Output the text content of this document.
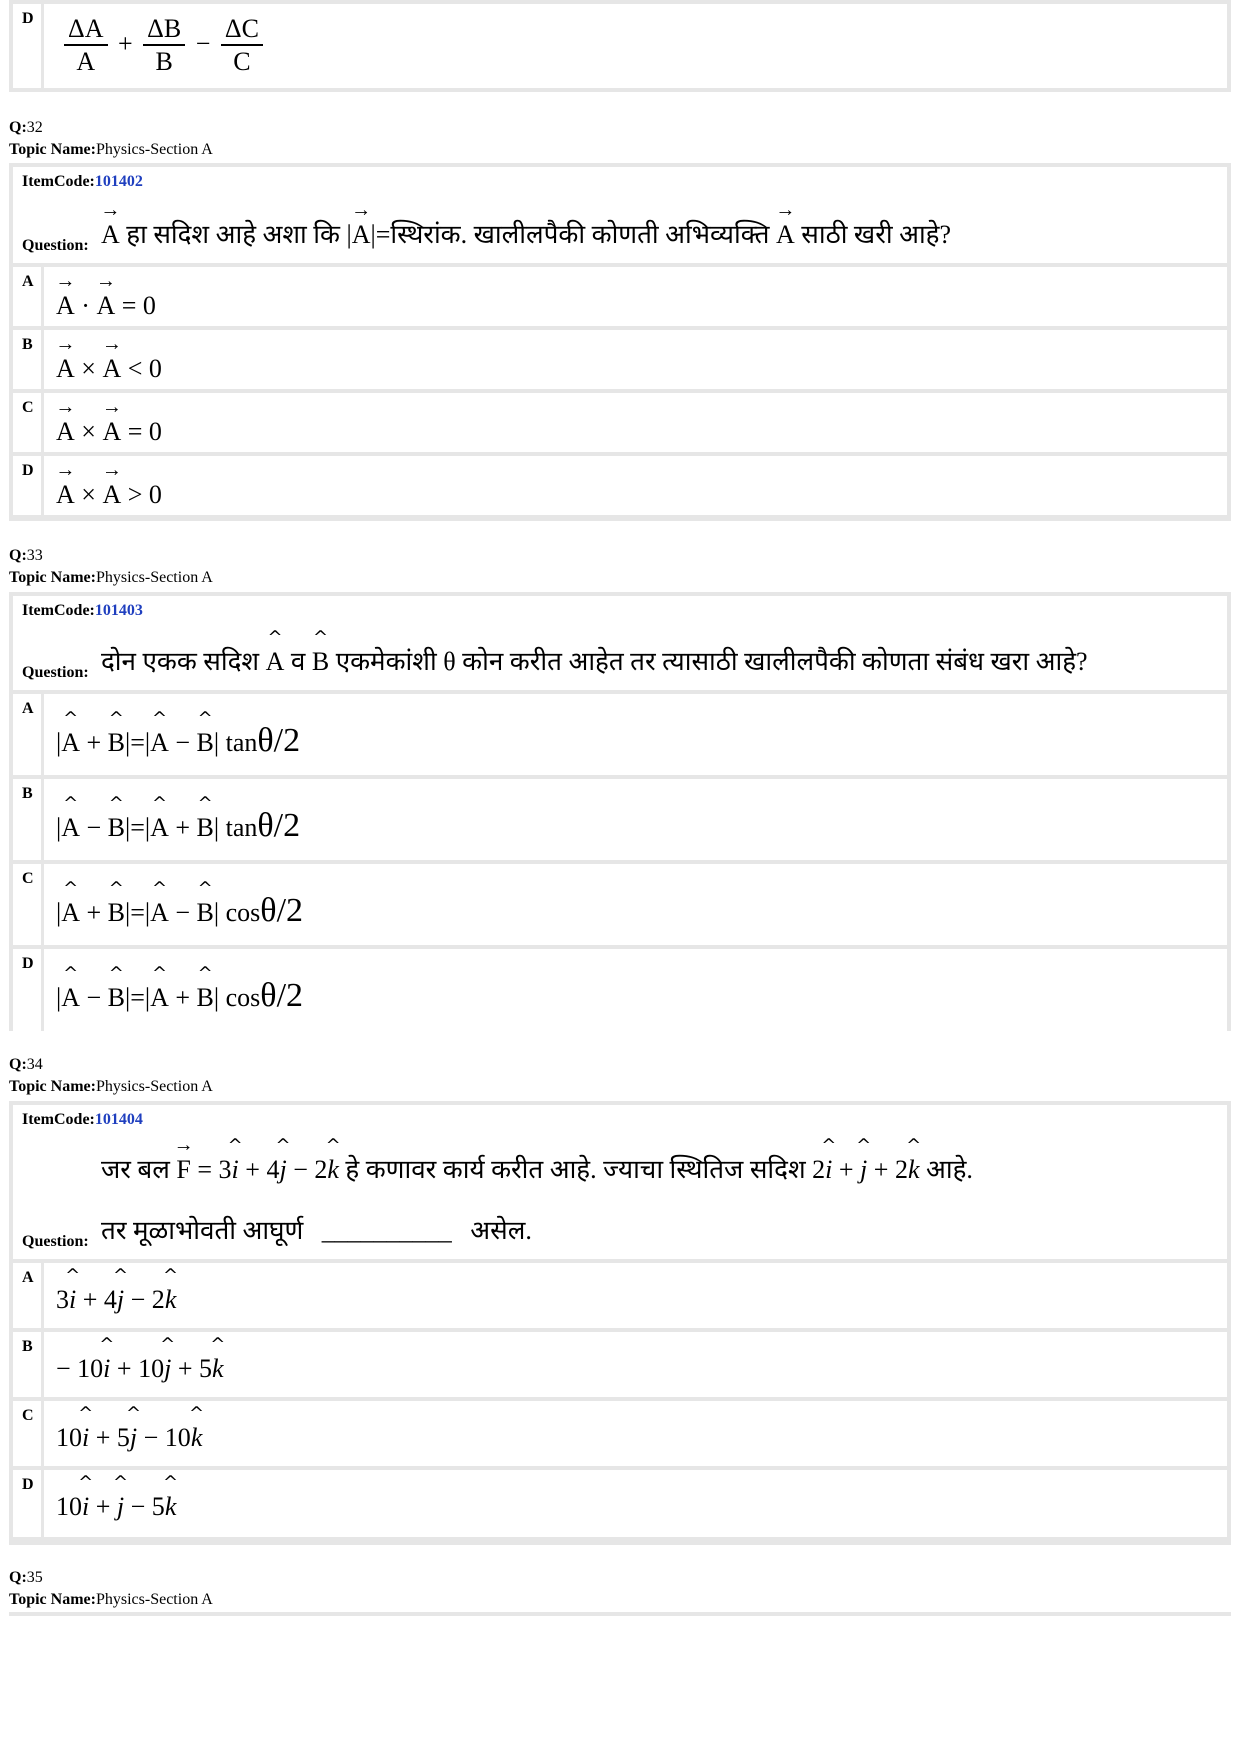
D $\frac{\Delta A}{A} + \frac{\Delta B}{B} - \frac{\Delta C}{C}$
Q:32
Topic Name:Physics-Section A
ItemCode:101402
Question: A
→
हा सदिश आहे अशा कि |A
→
|=स्थिरांक. खालीलपैकी कोणती अभिव्यक्ति A
→
साठी खरी आहे?
A
A
→
· A
→
= 0
B
A
→
× A
→
< 0
C
A
→
× A
→
= 0
D
A
→
× A
→
> 0
Q:33
Topic Name:Physics-Section A
ItemCode:101403
Question: दोन एकक सदिश A
^
व B
^
एकमेकांशी θ कोन करीत आहेत तर त्यासाठी खालीलपैकी कोणता संबंध खरा आहे?
A
|A
^
+ B
^
|=|A
^
− B
^
| tanθ/2
B
|A
^
− B
^
|=|A
^
+ B
^
| tanθ/2
C
|A
^
+ B
^
|=|A
^
− B
^
| cosθ/2
D
|A
^
− B
^
|=|A
^
+ B
^
| cosθ/2
Q:34
Topic Name:Physics-Section A
ItemCode:101404
Question:
जर बल F
→
= 3i
^
+ 4j
^
− 2k
^
हे कणावर कार्य करीत आहे. ज्याचा स्थितिज सदिश 2i
^
+ j
^
+ 2k
^
आहे.
तर मूळाभोवती आघूर्ण __________ असेल.
A
3i
^
+ 4j
^
− 2k
^
B
− 10i
^
+ 10j
^
+ 5k
^
C
10i
^
+ 5j
^
− 10k
^
D
10i
^
+ j
^
− 5k
^
Q:35
Topic Name:Physics-Section A
